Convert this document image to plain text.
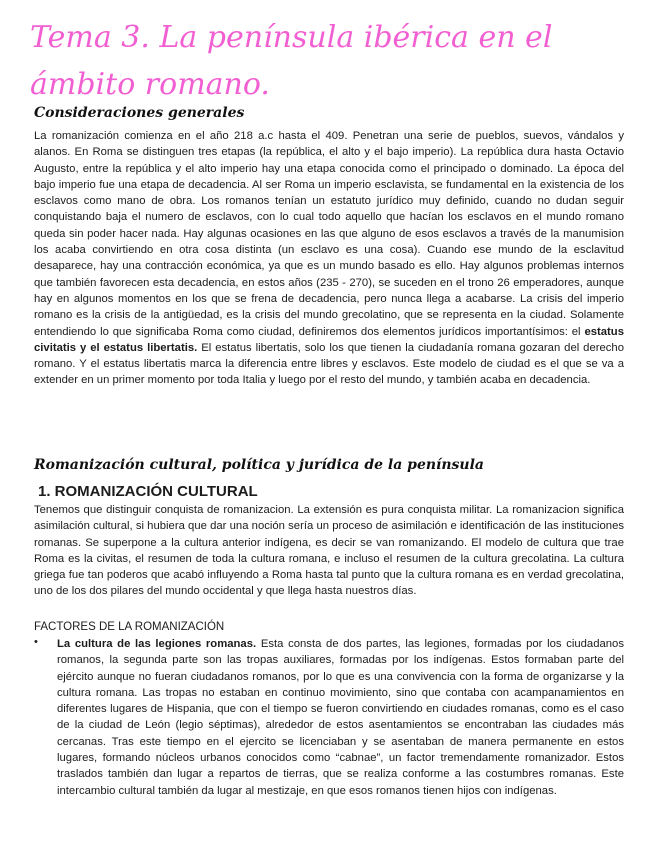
Tema 3. La península ibérica en el ámbito romano.
Consideraciones generales

La romanización comienza en el año 218 a.c hasta el 409. Penetran una serie de pueblos, suevos, vándalos y alanos. En Roma se distinguen tres etapas (la república, el alto y el bajo imperio). La república dura hasta Octavio Augusto, entre la república y el alto imperio hay una etapa conocida como el principado o dominado. La época del bajo imperio fue una etapa de decadencia. Al ser Roma un imperio esclavista, se fundamental en la existencia de los esclavos como mano de obra. Los romanos tenían un estatuto jurídico muy definido, cuando no dudan seguir conquistando baja el numero de esclavos, con lo cual todo aquello que hacían los esclavos en el mundo romano queda sin poder hacer nada. Hay algunas ocasiones en las que alguno de esos esclavos a través de la manumision los acaba convirtiendo en otra cosa distinta (un esclavo es una cosa). Cuando ese mundo de la esclavitud desaparece, hay una contracción económica, ya que es un mundo basado es ello. Hay algunos problemas internos que también favorecen esta decadencia, en estos años (235 - 270), se suceden en el trono 26 emperadores, aunque hay en algunos momentos en los que se frena de decadencia, pero nunca llega a acabarse. La crisis del imperio romano es la crisis de la antigüedad, es la crisis del mundo grecolatino, que se representa en la ciudad. Solamente entendiendo lo que significaba Roma como ciudad, definiremos dos elementos jurídicos importantísimos: el estatus civitatis y el estatus libertatis. El estatus libertatis, solo los que tienen la ciudadanía romana gozaran del derecho romano. Y el estatus libertatis marca la diferencia entre libres y esclavos. Este modelo de ciudad es el que se va a extender en un primer momento por toda Italia y luego por el resto del mundo, y también acaba en decadencia.

Romanización cultural, política y jurídica de la península
1. ROMANIZACIÓN CULTURAL

Tenemos que distinguir conquista de romanizacion. La extensión es pura conquista militar. La romanizacion significa asimilación cultural, si hubiera que dar una noción sería un proceso de asimilación e identificación de las instituciones romanas. Se superpone a la cultura anterior indígena, es decir se van romanizando. El modelo de cultura que trae Roma es la civitas, el resumen de toda la cultura romana, e incluso el resumen de la cultura grecolatina. La cultura griega fue tan poderos que acabó influyendo a Roma hasta tal punto que la cultura romana es en verdad grecolatina, uno de los dos pilares del mundo occidental y que llega hasta nuestros días.

FACTORES DE LA ROMANIZACIÓN
• La cultura de las legiones romanas. Esta consta de dos partes, las legiones, formadas por los ciudadanos romanos, la segunda parte son las tropas auxiliares, formadas por los indígenas. Estos formaban parte del ejército aunque no fueran ciudadanos romanos, por lo que es una convivencia con la forma de organizarse y la cultura romana. Las tropas no estaban en continuo movimiento, sino que contaba con acampanamientos en diferentes lugares de Hispania, que con el tiempo se fueron convirtiendo en ciudades romanas, como es el caso de la ciudad de León (legio séptimas), alrededor de estos asentamientos se encontraban las ciudades más cercanas. Tras este tiempo en el ejercito se licenciaban y se asentaban de manera permanente en estos lugares, formando núcleos urbanos conocidos como “cabnae”, un factor tremendamente romanizador. Estos traslados también dan lugar a repartos de tierras, que se realiza conforme a las costumbres romanas. Este intercambio cultural también da lugar al mestizaje, en que esos romanos tienen hijos con indígenas.
